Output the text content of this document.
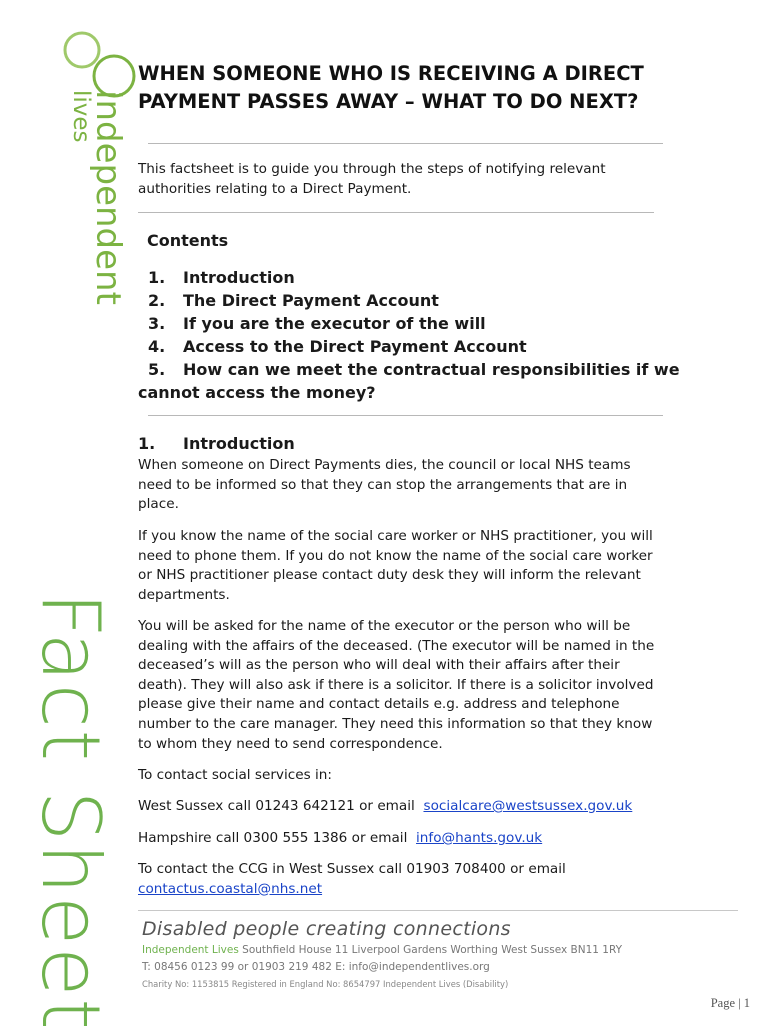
independent
lives
Fact Sheet
WHEN SOMEONE WHO IS RECEIVING A DIRECT PAYMENT PASSES AWAY – WHAT TO DO NEXT?

This factsheet is to guide you through the steps of notifying relevant authorities relating to a Direct Payment.

Contents
1. Introduction
2. The Direct Payment Account
3. If you are the executor of the will
4. Access to the Direct Payment Account
5. How can we meet the contractual responsibilities if we cannot access the money?
1. Introduction

When someone on Direct Payments dies, the council or local NHS teams need to be informed so that they can stop the arrangements that are in place.

If you know the name of the social care worker or NHS practitioner, you will need to phone them. If you do not know the name of the social care worker or NHS practitioner please contact duty desk they will inform the relevant departments.

You will be asked for the name of the executor or the person who will be dealing with the affairs of the deceased. (The executor will be named in the deceased’s will as the person who will deal with their affairs after their death). They will also ask if there is a solicitor. If there is a solicitor involved please give their name and contact details e.g. address and telephone number to the care manager. They need this information so that they know to whom they need to send correspondence.

To contact social services in:

West Sussex call 01243 642121 or email socialcare@westsussex.gov.uk

Hampshire call 0300 555 1386 or email info@hants.gov.uk

To contact the CCG in West Sussex call 01903 708400 or email
contactus.coastal@nhs.net

Disabled people creating connections
Independent Lives Southfield House 11 Liverpool Gardens Worthing West Sussex BN11 1RY
T: 08456 0123 99 or 01903 219 482 E: info@independentlives.org
Charity No: 1153815 Registered in England No: 8654797 Independent Lives (Disability)
Page | 1
